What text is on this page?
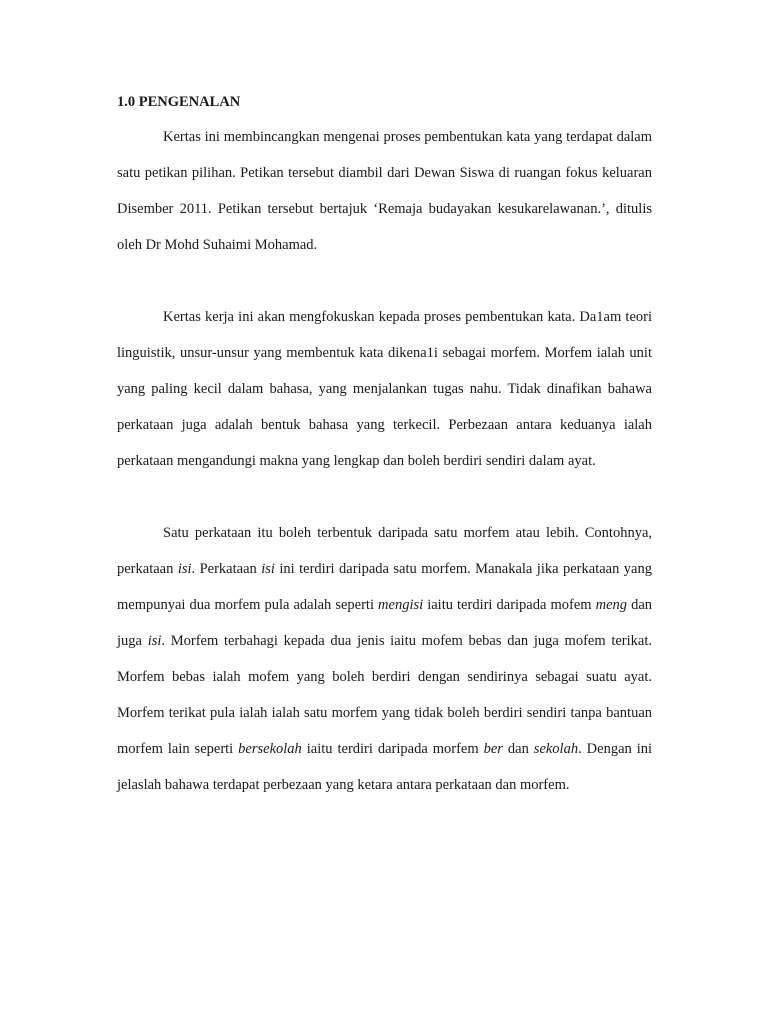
1.0 PENGENALAN

Kertas ini membincangkan mengenai proses pembentukan kata yang terdapat dalam satu petikan pilihan. Petikan tersebut diambil dari Dewan Siswa di ruangan fokus keluaran Disember 2011. Petikan tersebut bertajuk ‘Remaja budayakan kesukarelawanan.’, ditulis oleh Dr Mohd Suhaimi Mohamad.

Kertas kerja ini akan mengfokuskan kepada proses pembentukan kata. Da1am teori linguistik, unsur-unsur yang membentuk kata dikena1i sebagai morfem. Morfem ialah unit yang paling kecil dalam bahasa, yang menjalankan tugas nahu. Tidak dinafikan bahawa perkataan juga adalah bentuk bahasa yang terkecil. Perbezaan antara keduanya ialah perkataan mengandungi makna yang lengkap dan boleh berdiri sendiri dalam ayat.

Satu perkataan itu boleh terbentuk daripada satu morfem atau lebih. Contohnya, perkataan isi. Perkataan isi ini terdiri daripada satu morfem. Manakala jika perkataan yang mempunyai dua morfem pula adalah seperti mengisi iaitu terdiri daripada mofem meng dan juga isi. Morfem terbahagi kepada dua jenis iaitu mofem bebas dan juga mofem terikat. Morfem bebas ialah mofem yang boleh berdiri dengan sendirinya sebagai suatu ayat. Morfem terikat pula ialah ialah satu morfem yang tidak boleh berdiri sendiri tanpa bantuan morfem lain seperti bersekolah iaitu terdiri daripada morfem ber dan sekolah. Dengan ini jelaslah bahawa terdapat perbezaan yang ketara antara perkataan dan morfem.
